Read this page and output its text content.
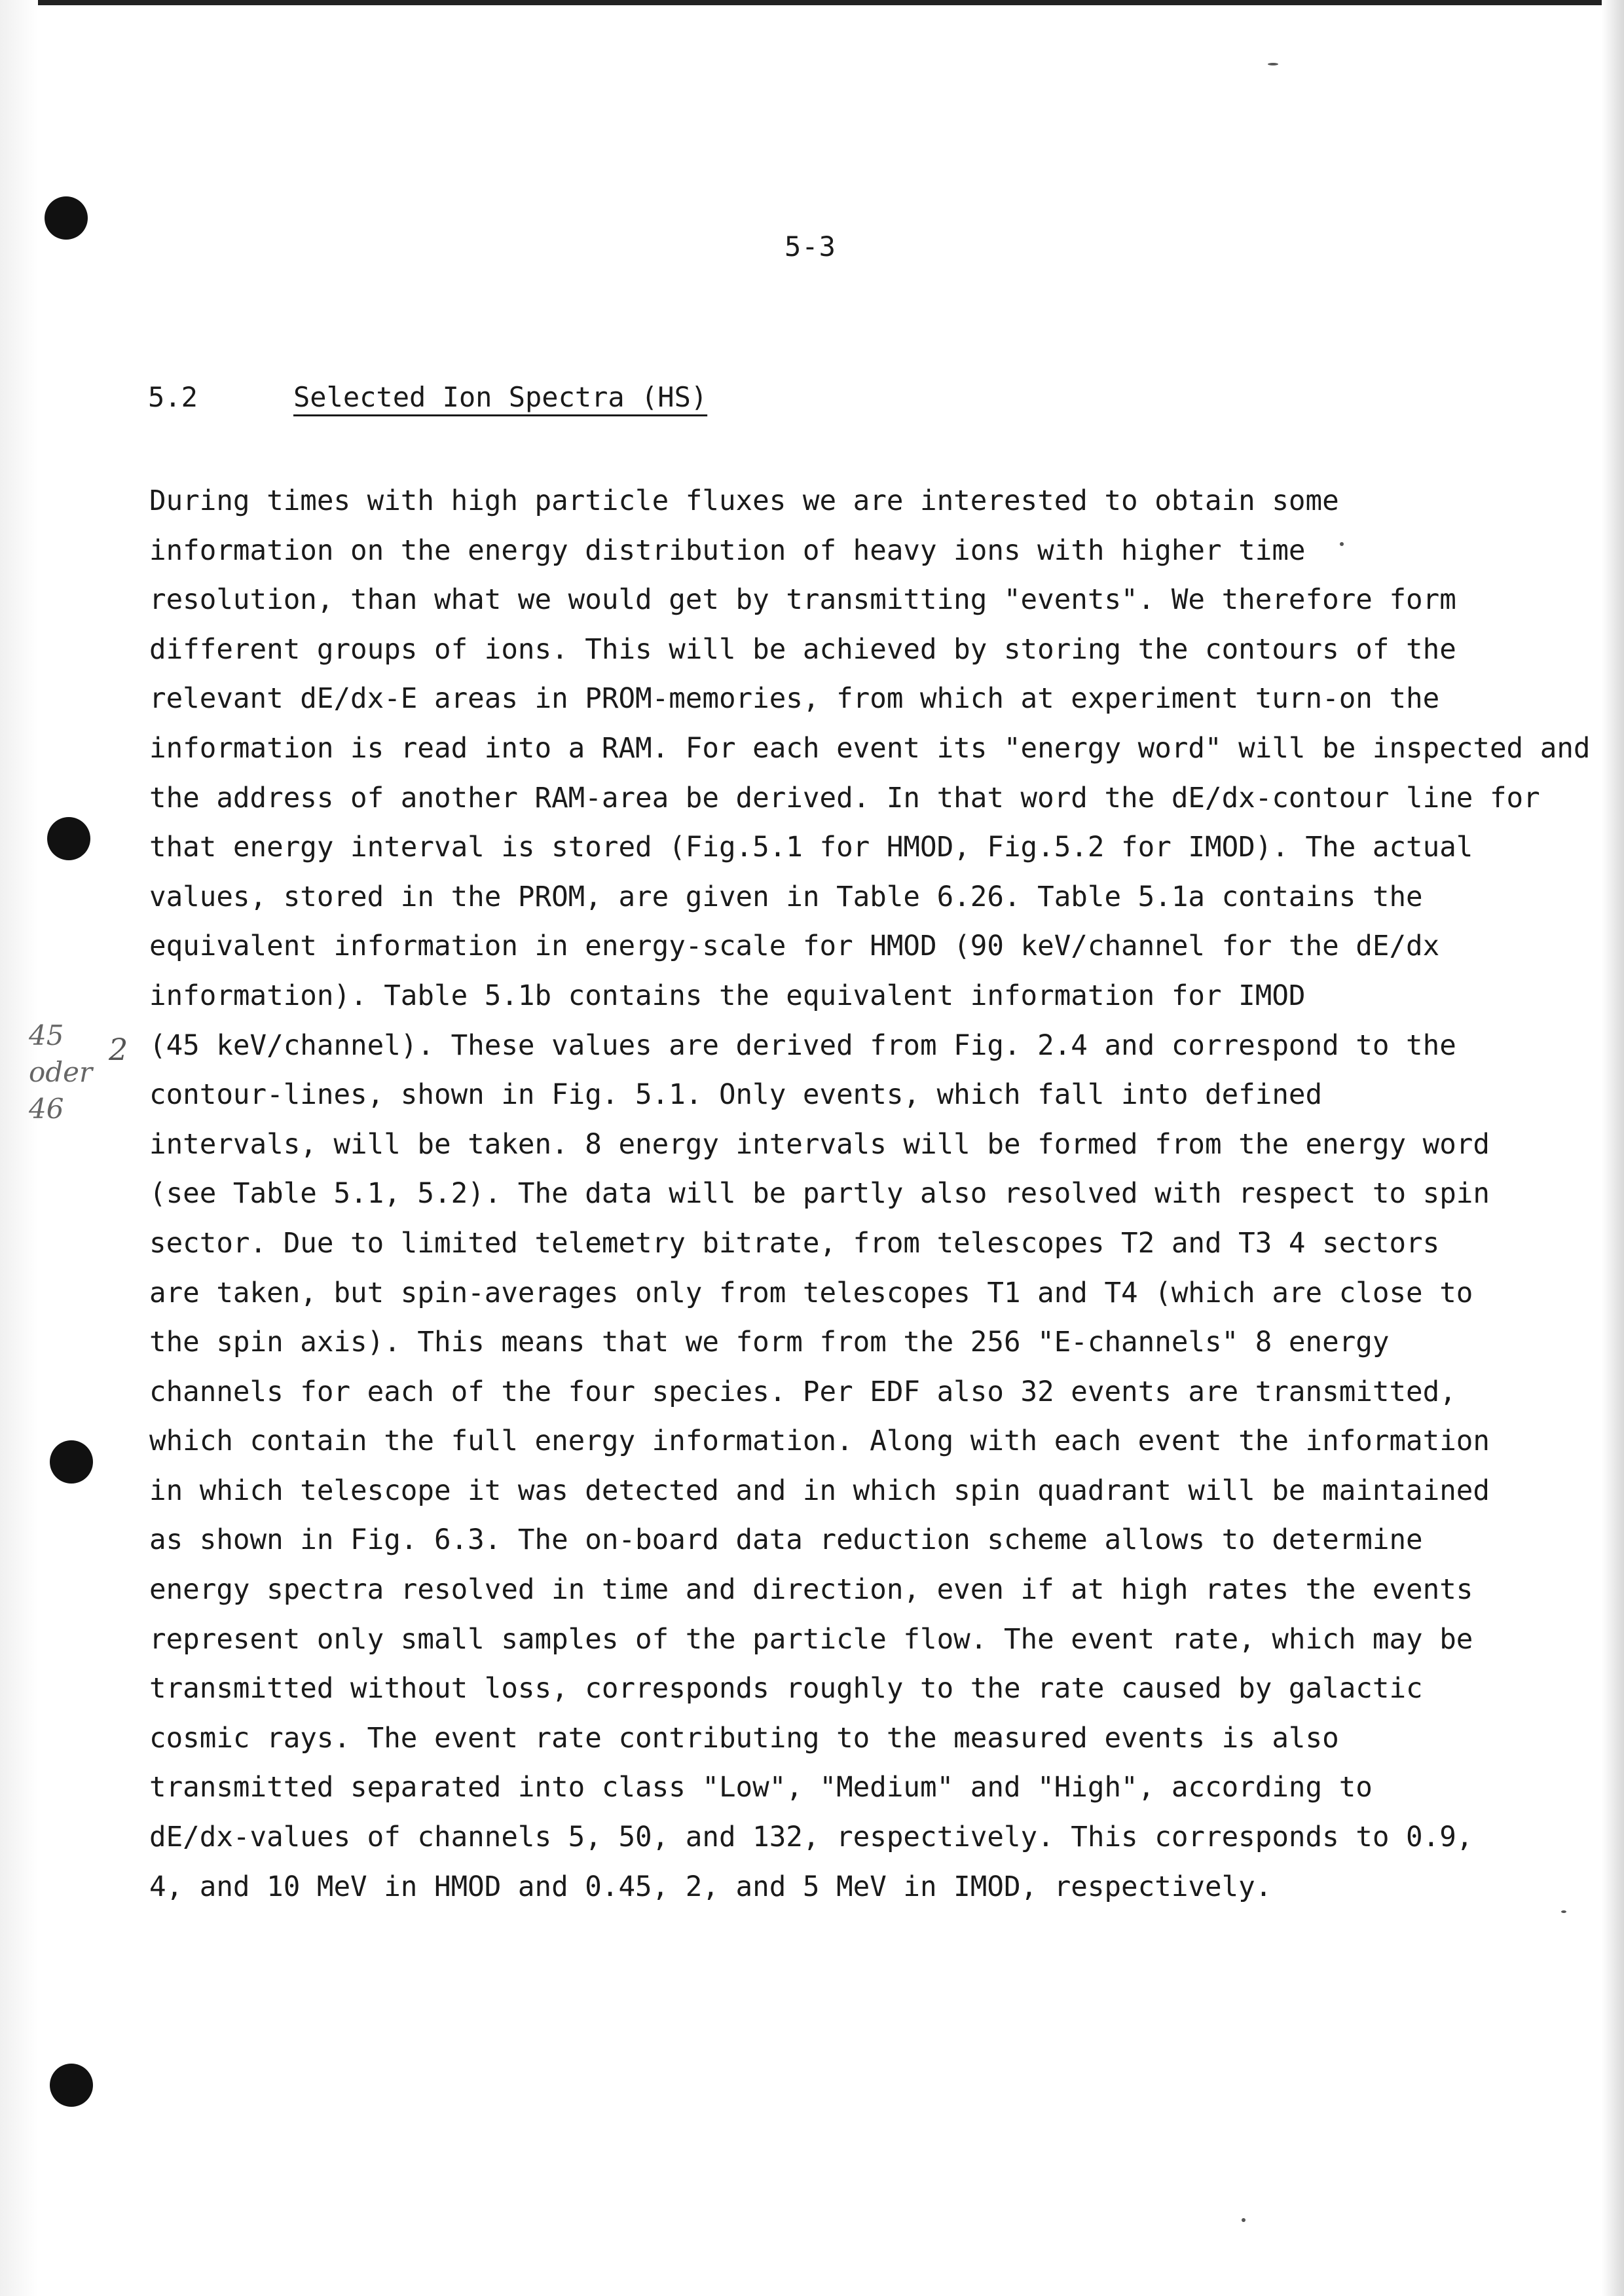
5-3
5.2	Selected Ion Spectra (HS)
45
oder
46
2
During times with high particle fluxes we are interested to obtain some
information on the energy distribution of heavy ions with higher time
resolution, than what we would get by transmitting "events". We therefore form
different groups of ions. This will be achieved by storing the contours of the
relevant dE/dx-E areas in PROM-memories, from which at experiment turn-on the
information is read into a RAM. For each event its "energy word" will be inspected and
the address of another RAM-area be derived. In that word the dE/dx-contour line for
that energy interval is stored (Fig.5.1 for HMOD, Fig.5.2 for IMOD). The actual
values, stored in the PROM, are given in Table 6.26. Table 5.1a contains the
equivalent information in energy-scale for HMOD (90 keV/channel for the dE/dx
information). Table 5.1b contains the equivalent information for IMOD
(45 keV/channel). These values are derived from Fig. 2.4 and correspond to the
contour-lines, shown in Fig. 5.1. Only events, which fall into defined
intervals, will be taken. 8 energy intervals will be formed from the energy word
(see Table 5.1, 5.2). The data will be partly also resolved with respect to spin
sector. Due to limited telemetry bitrate, from telescopes T2 and T3 4 sectors
are taken, but spin-averages only from telescopes T1 and T4 (which are close to
the spin axis). This means that we form from the 256 "E-channels" 8 energy
channels for each of the four species. Per EDF also 32 events are transmitted,
which contain the full energy information. Along with each event the information
in which telescope it was detected and in which spin quadrant will be maintained
as shown in Fig. 6.3. The on-board data reduction scheme allows to determine
energy spectra resolved in time and direction, even if at high rates the events
represent only small samples of the particle flow. The event rate, which may be
transmitted without loss, corresponds roughly to the rate caused by galactic
cosmic rays. The event rate contributing to the measured events is also
transmitted separated into class "Low", "Medium" and "High", according to
dE/dx-values of channels 5, 50, and 132, respectively. This corresponds to 0.9,
4, and 10 MeV in HMOD and 0.45, 2, and 5 MeV in IMOD, respectively.
